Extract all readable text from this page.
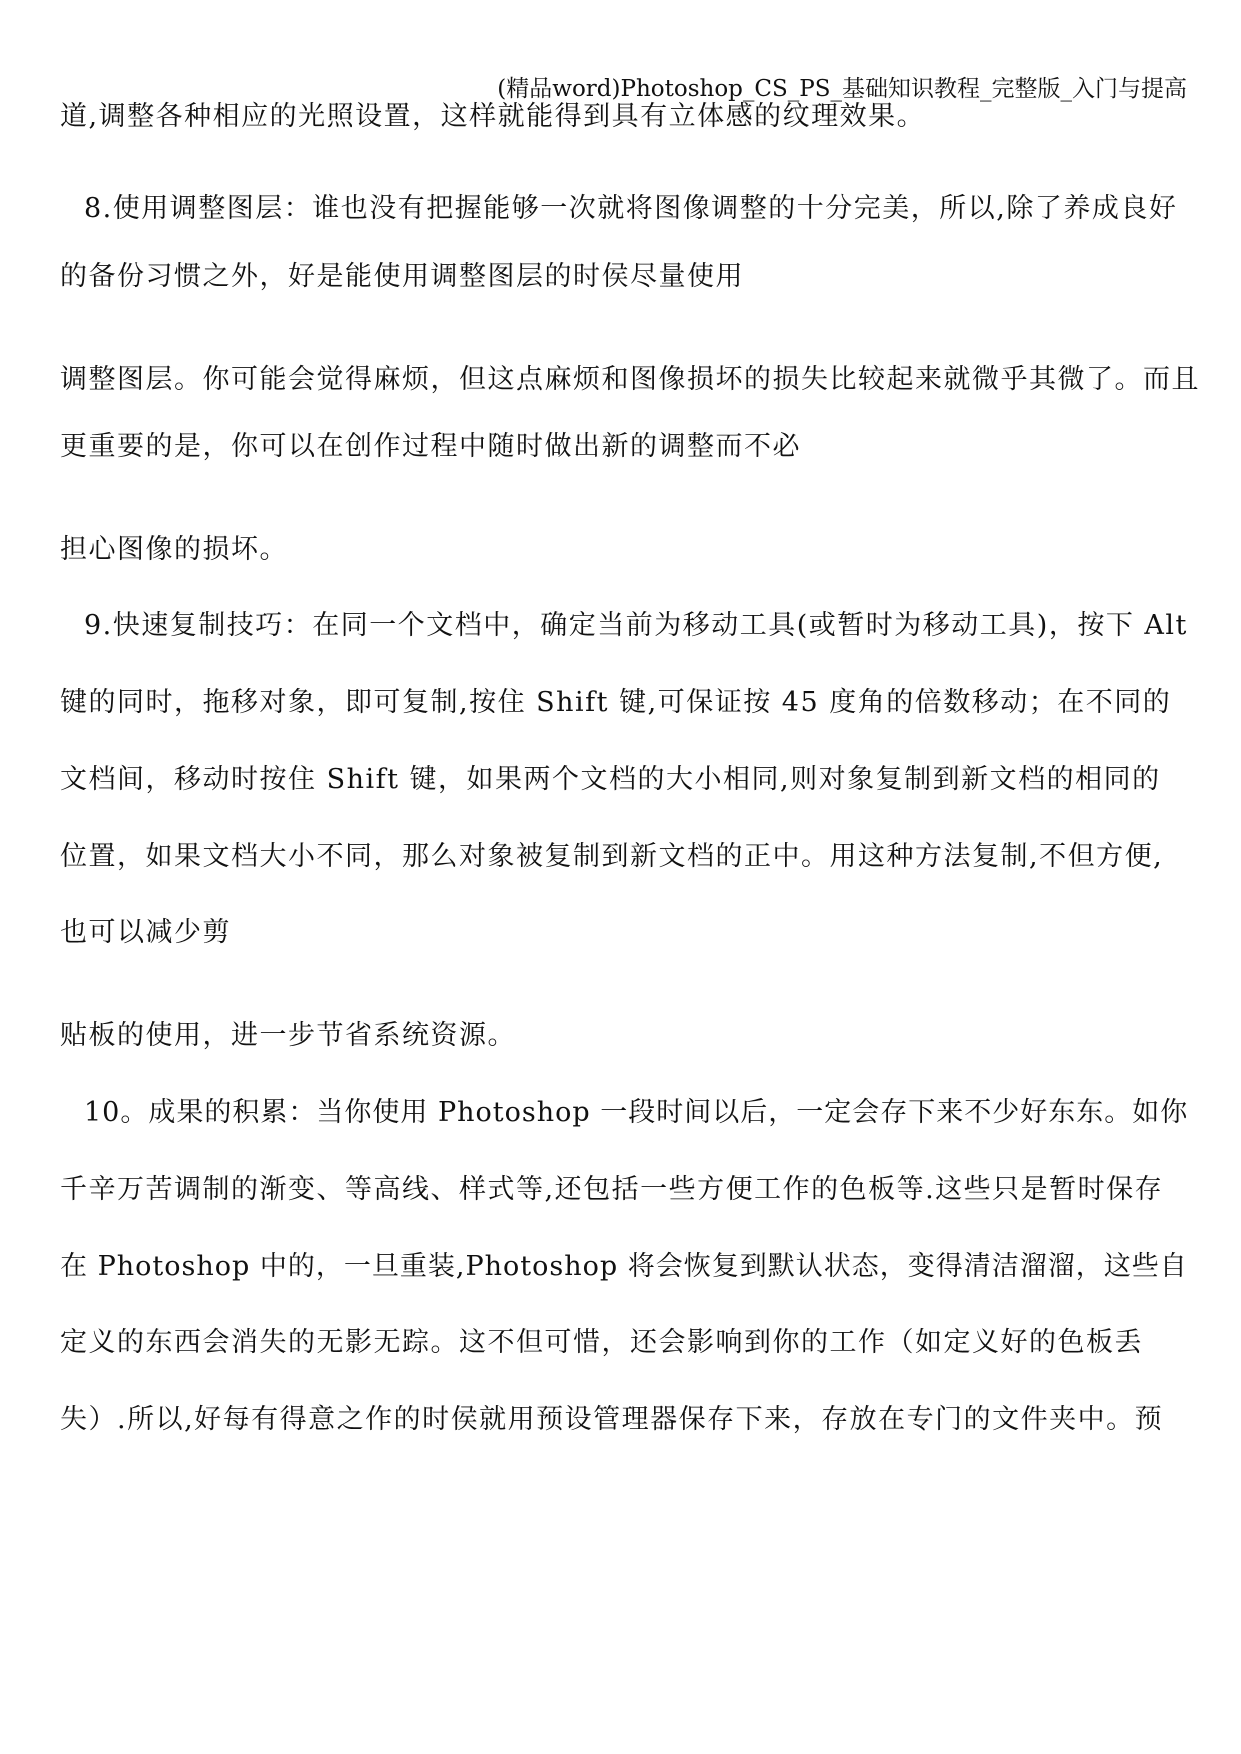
(精品word)Photoshop_CS_PS_基础知识教程_完整版_入门与提高
道,调整各种相应的光照设置，这样就能得到具有立体感的纹理效果。
8.使用调整图层：谁也没有把握能够一次就将图像调整的十分完美，所以,除了养成良好
的备份习惯之外，好是能使用调整图层的时侯尽量使用
调整图层。你可能会觉得麻烦，但这点麻烦和图像损坏的损失比较起来就微乎其微了。而且
更重要的是，你可以在创作过程中随时做出新的调整而不必
担心图像的损坏。
9.快速复制技巧：在同一个文档中，确定当前为移动工具(或暂时为移动工具)，按下 Alt
键的同时，拖移对象，即可复制,按住 Shift 键,可保证按 45 度角的倍数移动；在不同的
文档间，移动时按住 Shift 键，如果两个文档的大小相同,则对象复制到新文档的相同的
位置，如果文档大小不同，那么对象被复制到新文档的正中。用这种方法复制,不但方便,
也可以减少剪
贴板的使用，进一步节省系统资源。
10。成果的积累：当你使用 Photoshop 一段时间以后，一定会存下来不少好东东。如你
千辛万苦调制的渐变、等高线、样式等,还包括一些方便工作的色板等.这些只是暂时保存
在 Photoshop 中的，一旦重装,Photoshop 将会恢复到默认状态，变得清洁溜溜，这些自
定义的东西会消失的无影无踪。这不但可惜，还会影响到你的工作（如定义好的色板丢
失）.所以,好每有得意之作的时侯就用预设管理器保存下来，存放在专门的文件夹中。预
